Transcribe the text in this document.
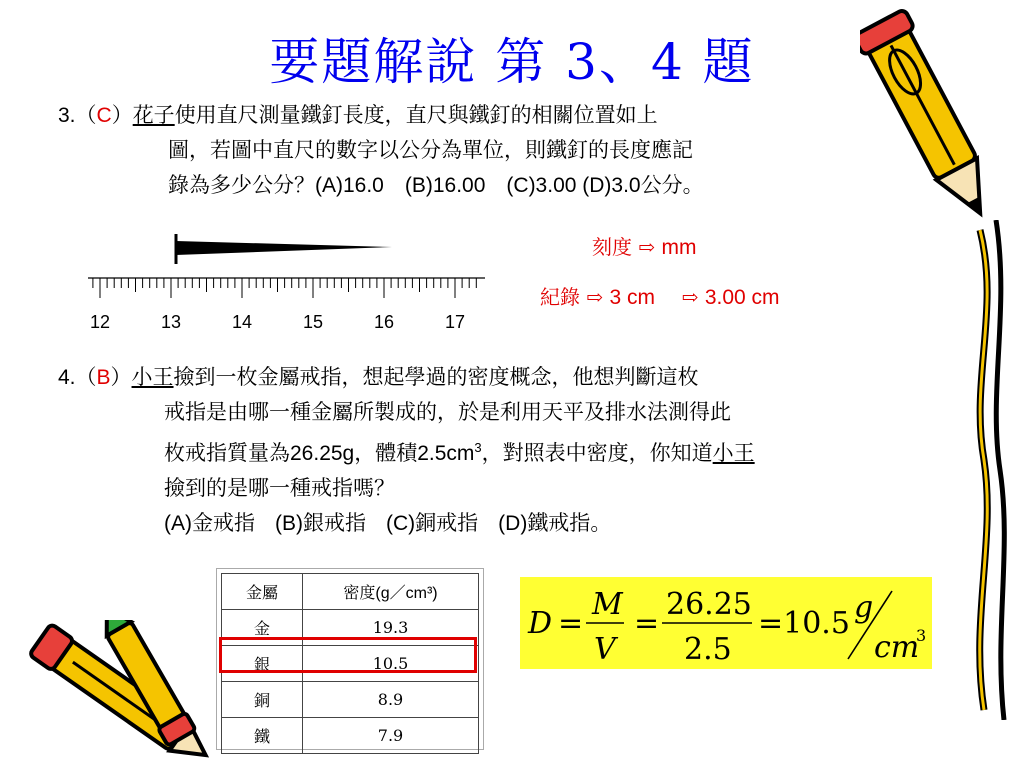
要題解說 第 3、4 題
3.（C）花子使用直尺測量鐵釘長度，直尺與鐵釘的相關位置如上
圖，若圖中直尺的數字以公分為單位，則鐵釘的長度應記
錄為多少公分？(A)16.0　(B)16.00　(C)3.00 (D)3.0公分。
12	13	14	15	16	17
刻度 ⇨ mm
紀錄 ⇨ 3 cm ⇨ 3.00 cm
4.（B）小王撿到一枚金屬戒指，想起學過的密度概念，他想判斷這枚
戒指是由哪一種金屬所製成的，於是利用天平及排水法測得此
枚戒指質量為26.25g，體積$2.5cm^3$，對照表中密度，你知道小王
撿到的是哪一種戒指嗎？
(A)金戒指 (B)銀戒指 (C)銅戒指 (D)鐵戒指。
金屬	密度(g／cm³)
金	19.3
銀	10.5
銅	8.9
鐵	7.9
D =
M
V
=
26.25
2.5
=10.5 g
cm
3
